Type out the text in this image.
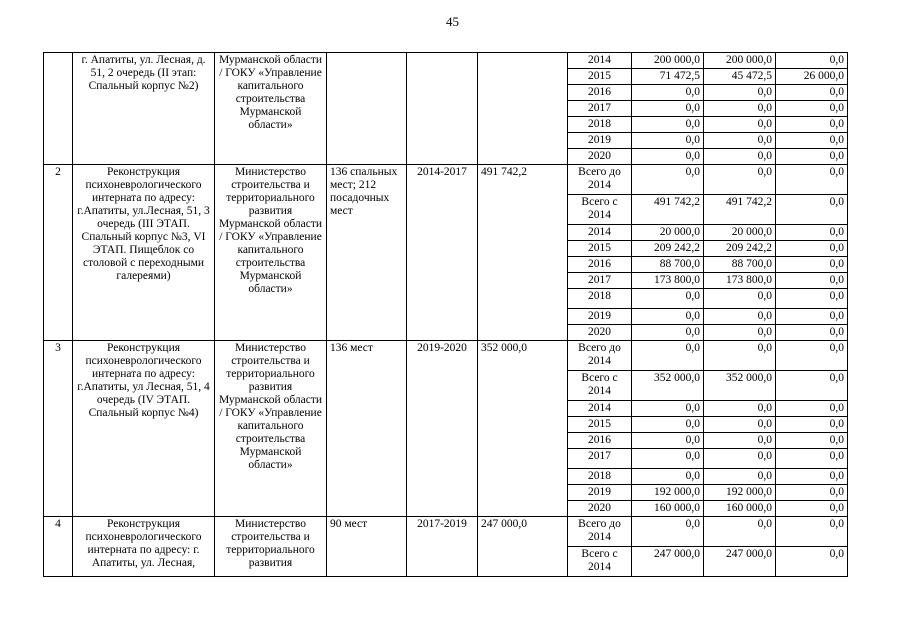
45
	г. Апатиты, ул. Лесная, д. 51, 2 очередь (II этап: Спальный корпус №2)	Мурманской области / ГОКУ «Управление капитального строительства Мурманской области»				2014	200 000,0	200 000,0	0,0
						2015	71 472,5	45 472,5	26 000,0
						2016	0,0	0,0	0,0
						2017	0,0	0,0	0,0
						2018	0,0	0,0	0,0
						2019	0,0	0,0	0,0
						2020	0,0	0,0	0,0
2	Реконструкция психоневрологического интерната по адресу: г.Апатиты, ул.Лесная, 51, 3 очередь (III ЭТАП. Спальный корпус №3, VI ЭТАП. Пищеблок со столовой с переходными галереями)	Министерство строительства и территориального развития Мурманской области / ГОКУ «Управление капитального строительства Мурманской области»	136 спальных мест; 212 посадочных мест	2014-2017	491 742,2	Всего до 2014	0,0	0,0	0,0
						Всего с 2014	491 742,2	491 742,2	0,0
						2014	20 000,0	20 000,0	0,0
						2015	209 242,2	209 242,2	0,0
						2016	88 700,0	88 700,0	0,0
						2017	173 800,0	173 800,0	0,0
						2018	0,0	0,0	0,0
						2019	0,0	0,0	0,0
						2020	0,0	0,0	0,0
3	Реконструкция психоневрологического интерната по адресу: г.Апатиты, ул Лесная, 51, 4 очередь (IV ЭТАП. Спальный корпус №4)	Министерство строительства и территориального развития Мурманской области / ГОКУ «Управление капитального строительства Мурманской области»	136 мест	2019-2020	352 000,0	Всего до 2014	0,0	0,0	0,0
						Всего с 2014	352 000,0	352 000,0	0,0
						2014	0,0	0,0	0,0
						2015	0,0	0,0	0,0
						2016	0,0	0,0	0,0
						2017	0,0	0,0	0,0
						2018	0,0	0,0	0,0
						2019	192 000,0	192 000,0	0,0
						2020	160 000,0	160 000,0	0,0
4	Реконструкция психоневрологического интерната по адресу: г. Апатиты, ул. Лесная,	Министерство строительства и территориального развития	90 мест	2017-2019	247 000,0	Всего до 2014	0,0	0,0	0,0
						Всего с 2014	247 000,0	247 000,0	0,0
